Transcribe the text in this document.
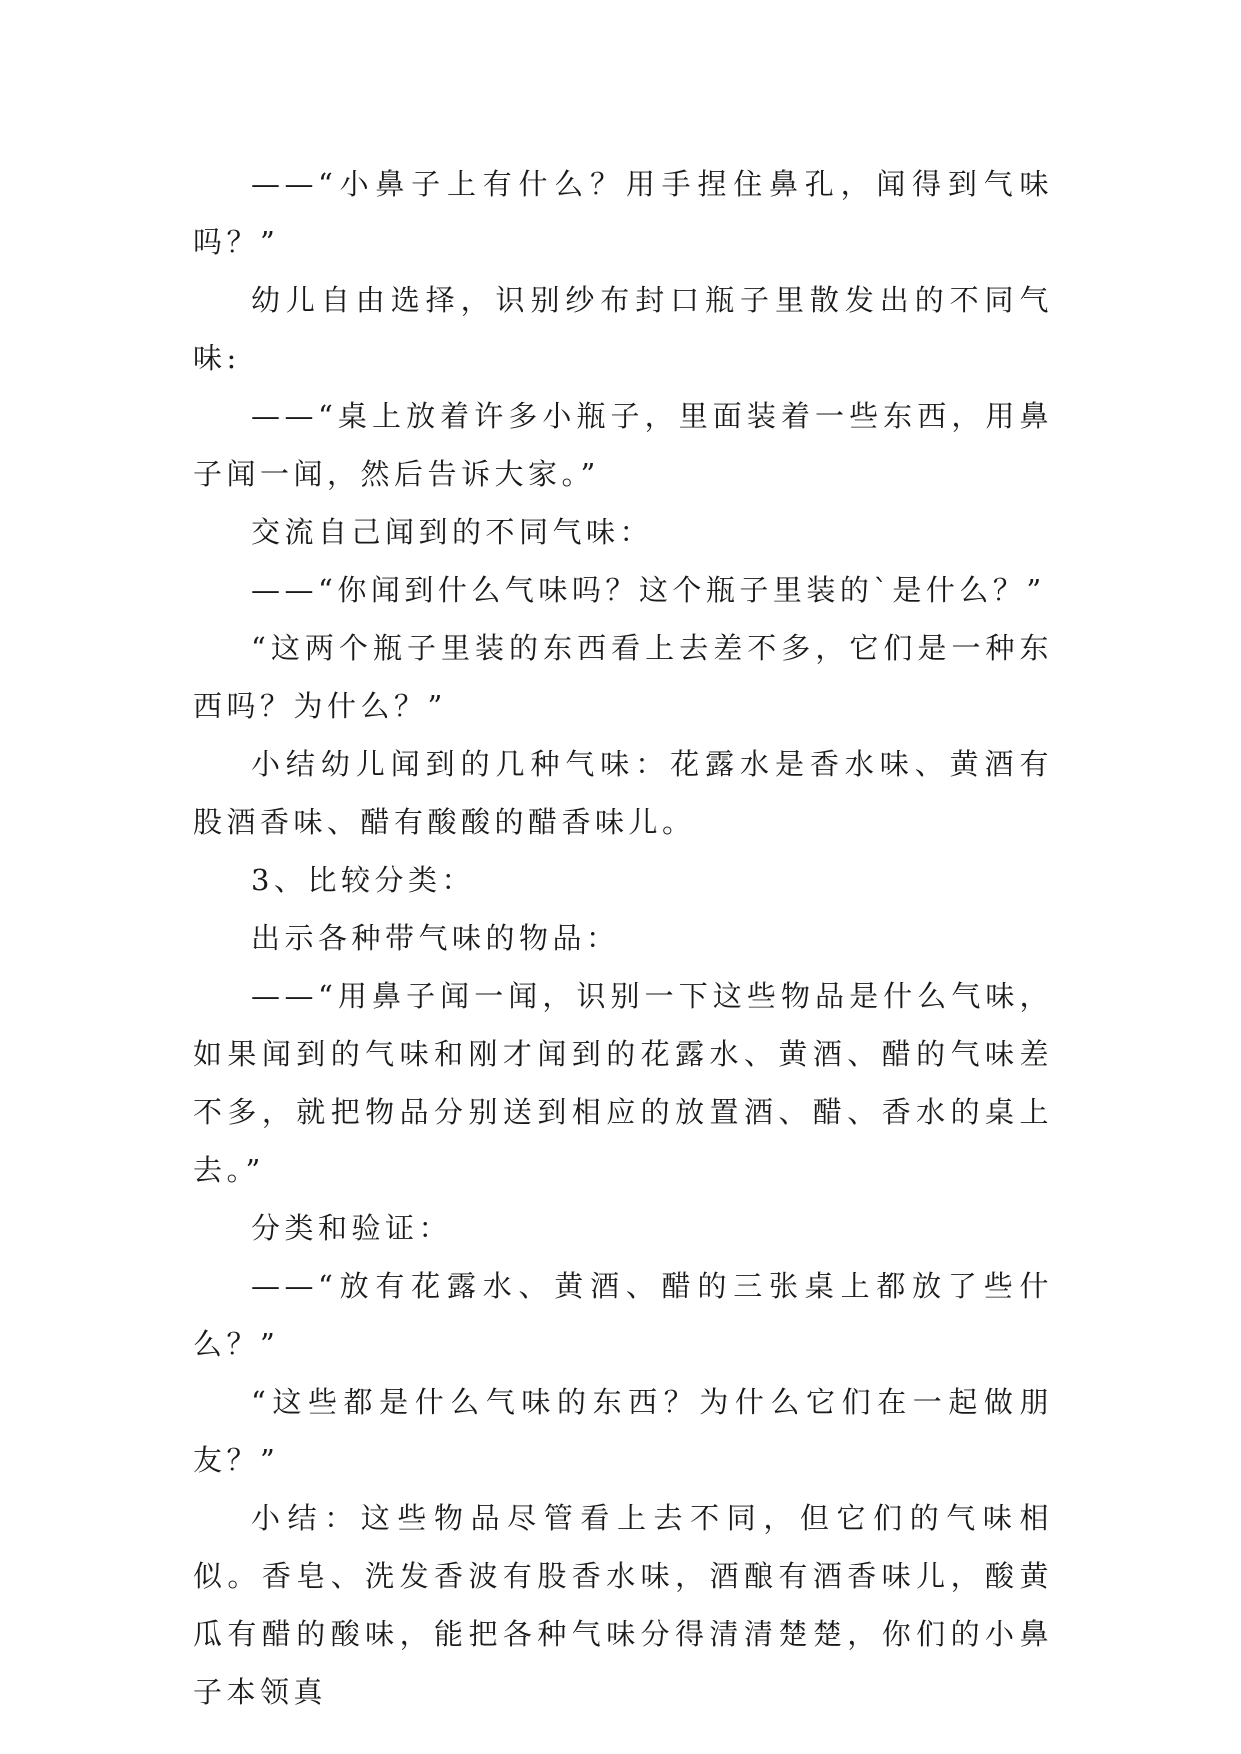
——“小鼻子上有什么？用手捏住鼻孔，闻得到气味吗？”

幼儿自由选择，识别纱布封口瓶子里散发出的不同气味:

——“桌上放着许多小瓶子，里面装着一些东西，用鼻子闻一闻，然后告诉大家。”

交流自己闻到的不同气味：

——“你闻到什么气味吗？这个瓶子里装的`是什么？”

“这两个瓶子里装的东西看上去差不多，它们是一种东西吗？为什么？”

小结幼儿闻到的几种气味：花露水是香水味、黄酒有股酒香味、醋有酸酸的醋香味儿。

3、比较分类：

出示各种带气味的物品：

——“用鼻子闻一闻，识别一下这些物品是什么气味，如果闻到的气味和刚才闻到的花露水、黄酒、醋的气味差不多，就把物品分别送到相应的放置酒、醋、香水的桌上去。”

分类和验证：

——“放有花露水、黄酒、醋的三张桌上都放了些什么？”

“这些都是什么气味的东西？为什么它们在一起做朋友？”

小结：这些物品尽管看上去不同，但它们的气味相似。香皂、洗发香波有股香水味，酒酿有酒香味儿，酸黄瓜有醋的酸味，能把各种气味分得清清楚楚，你们的小鼻子本领真
